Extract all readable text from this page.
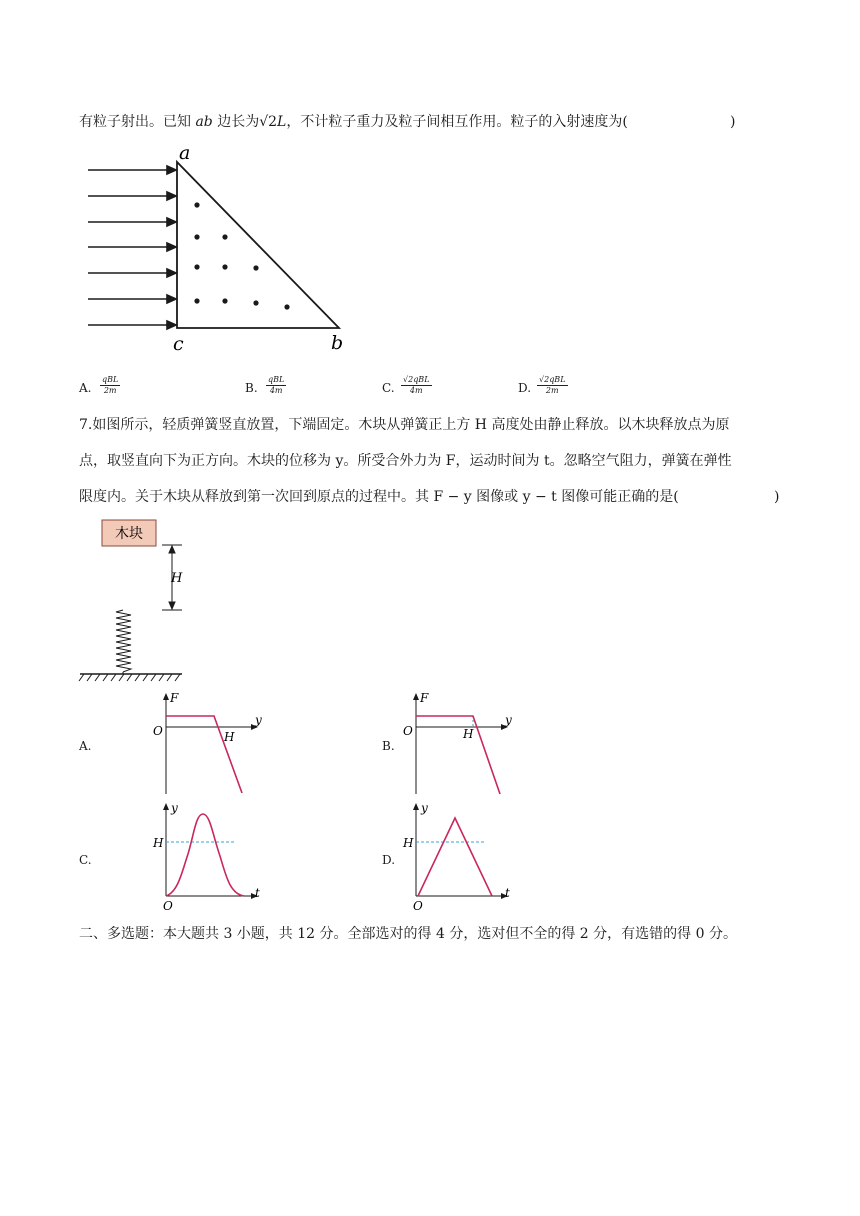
有粒子射出。已知 ab 边长为√2L，不计粒子重力及粒子间相互作用。粒子的入射速度为(	)
a
c	b
A.
qBL
2m	B.
qBL
4m	C.
√2qBL
4m	D.
√2qBL
2m
7.如图所示，轻质弹簧竖直放置，下端固定。木块从弹簧正上方 H 高度处由静止释放。以木块释放点为原
点，取竖直向下为正方向。木块的位移为 y。所受合外力为 F，运动时间为 t。忽略空气阻力，弹簧在弹性
限度内。关于木块从释放到第一次回到原点的过程中。其 F − y 图像或 y − t 图像可能正确的是(	)
木块
H
A.
F
y
O	H
B.
F
y
O	H
C.
y
t
O
H
D.
y
t
O
H
二、多选题：本大题共 3 小题，共 12 分。全部选对的得 4 分，选对但不全的得 2 分，有选错的得 0 分。
